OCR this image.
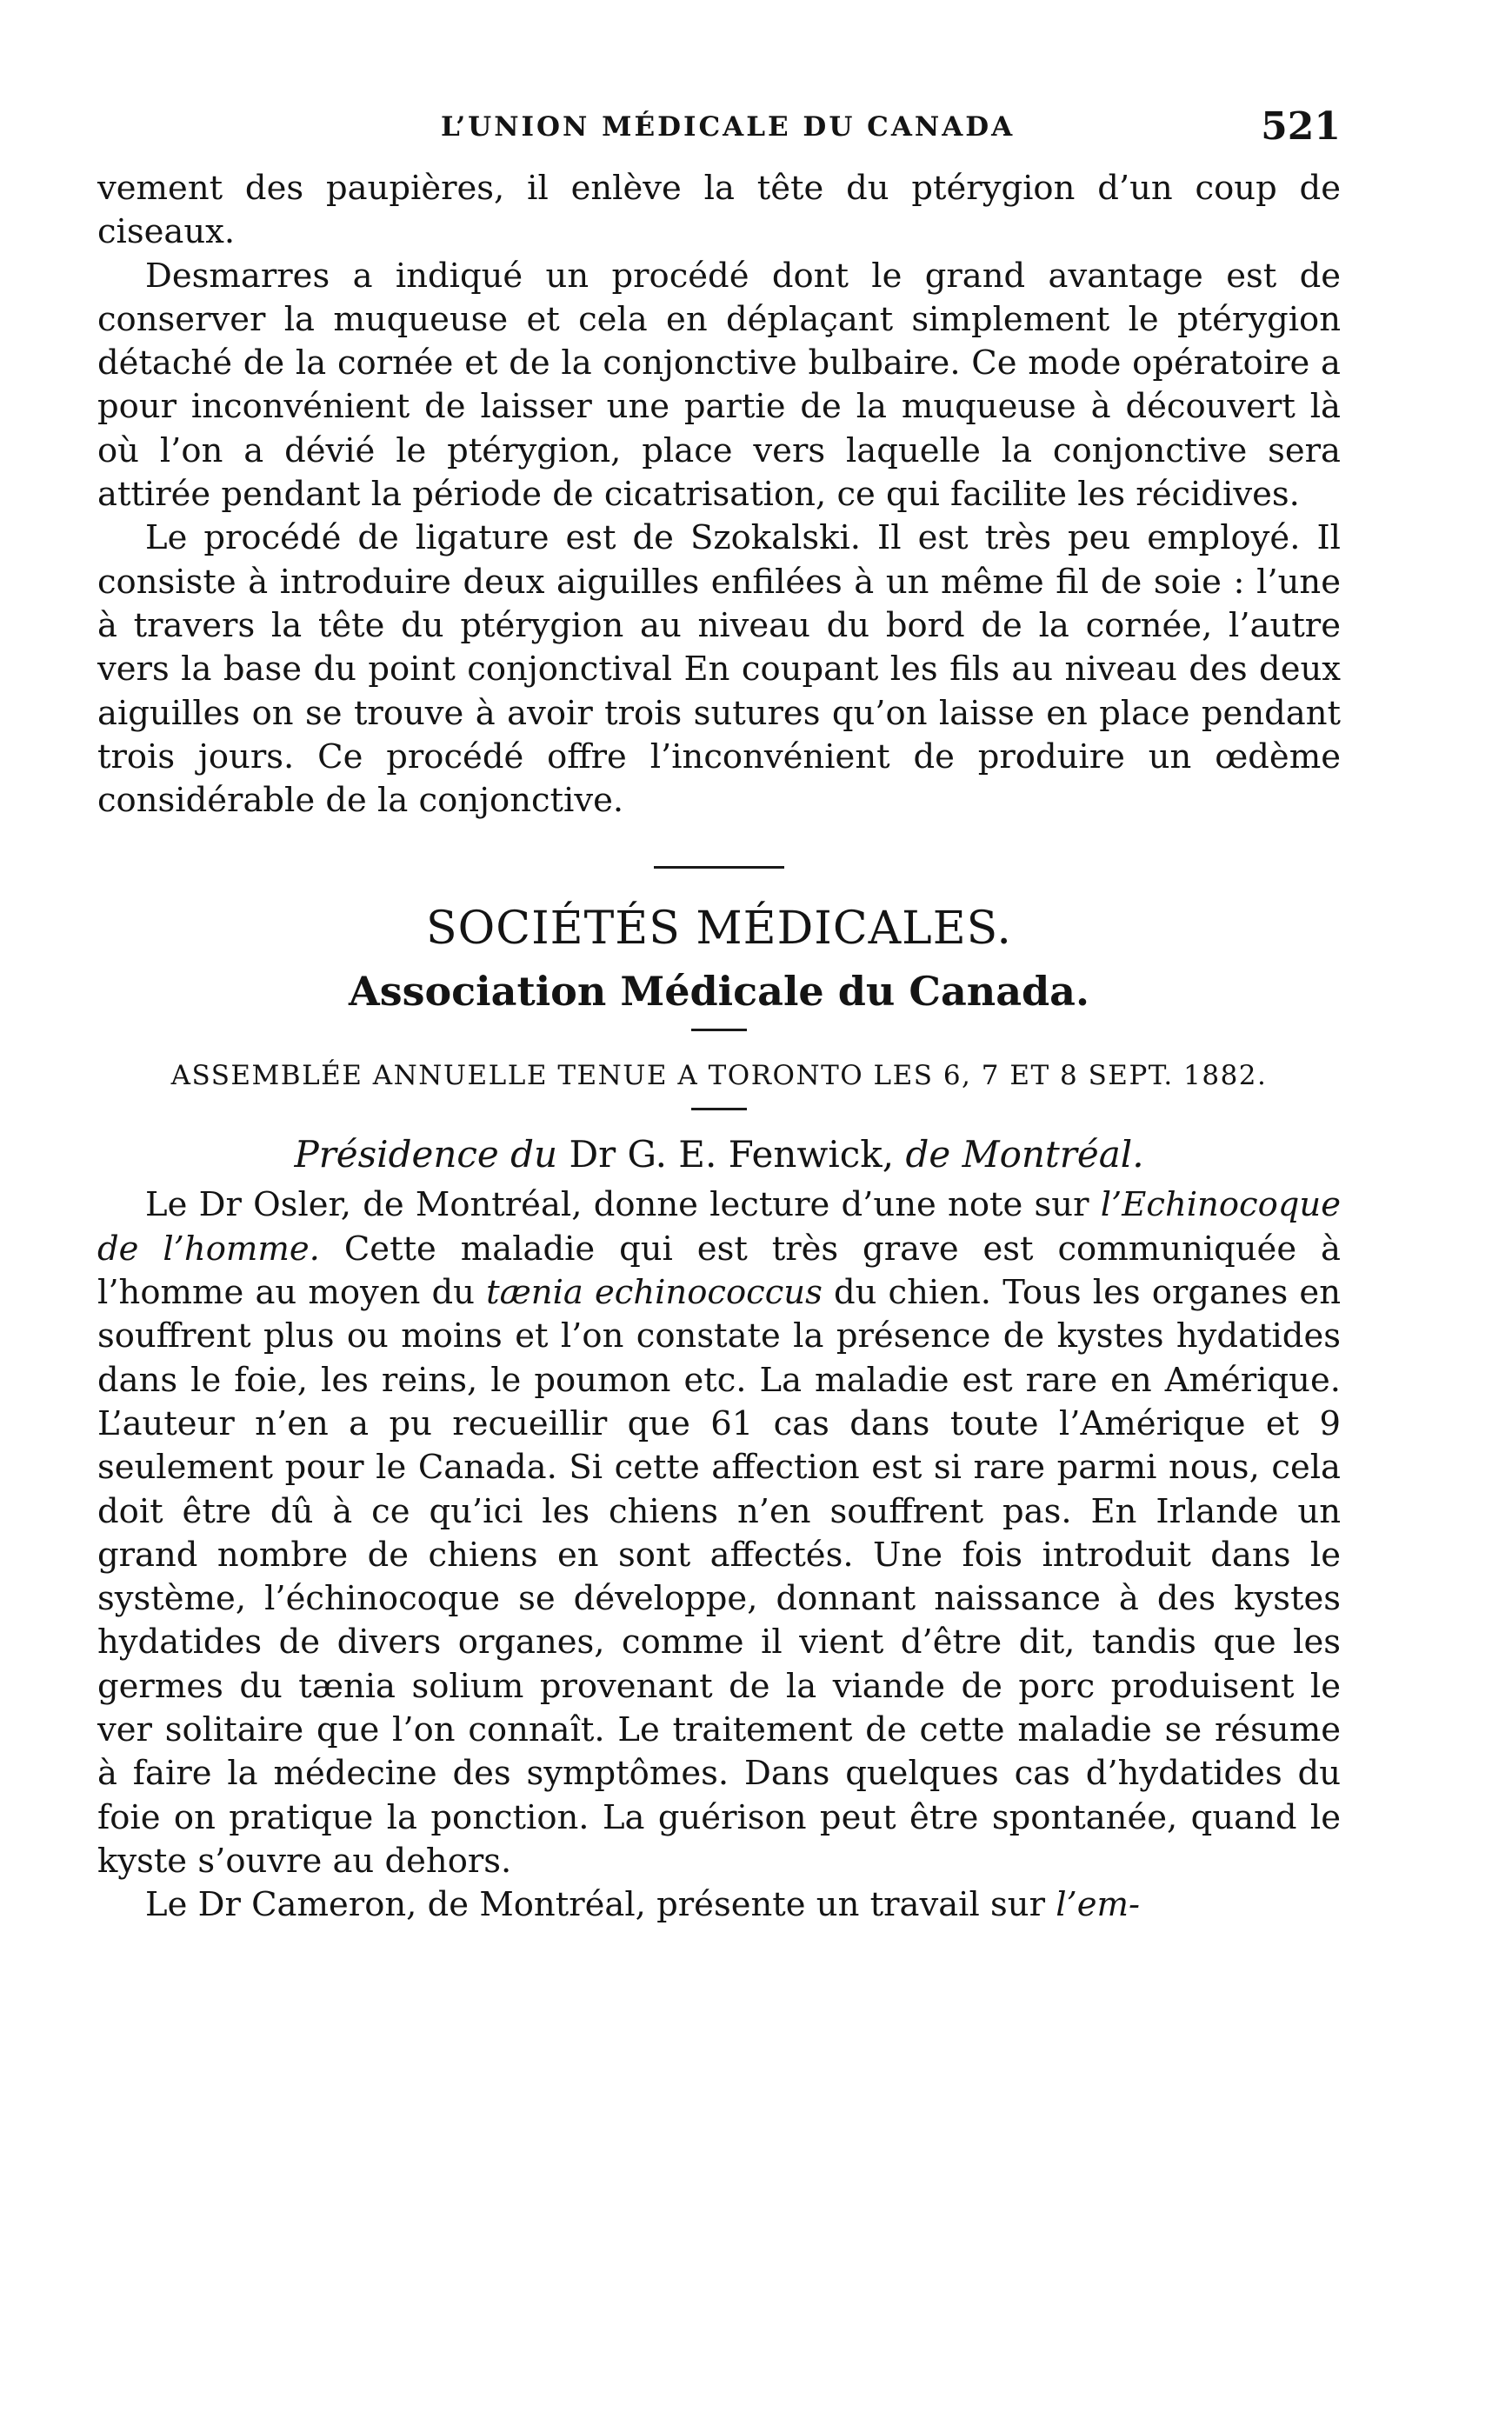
L’UNION MÉDICALE DU CANADA	521

vement des paupières, il enlève la tête du ptérygion d’un coup de ciseaux.

Desmarres a indiqué un procédé dont le grand avantage est de conserver la muqueuse et cela en déplaçant simplement le ptérygion détaché de la cornée et de la conjonctive bulbaire. Ce mode opératoire a pour inconvénient de laisser une partie de la muqueuse à découvert là où l’on a dévié le ptérygion, place vers laquelle la conjonctive sera attirée pendant la période de cicatrisation, ce qui facilite les récidives.

Le procédé de ligature est de Szokalski. Il est très peu employé. Il consiste à introduire deux aiguilles enfilées à un même fil de soie : l’une à travers la tête du ptérygion au niveau du bord de la cornée, l’autre vers la base du point conjonctival En coupant les fils au niveau des deux aiguilles on se trouve à avoir trois sutures qu’on laisse en place pendant trois jours. Ce procédé offre l’inconvénient de produire un œdème considérable de la conjonctive.

SOCIÉTÉS MÉDICALES.
Association Médicale du Canada.
ASSEMBLÉE ANNUELLE TENUE A TORONTO LES 6, 7 ET 8 SEPT. 1882.
Présidence du Dr G. E. Fenwick, de Montréal.

Le Dr Osler, de Montréal, donne lecture d’une note sur l’Echinocoque de l’homme. Cette maladie qui est très grave est communiquée à l’homme au moyen du tænia echinococcus du chien. Tous les organes en souffrent plus ou moins et l’on constate la présence de kystes hydatides dans le foie, les reins, le poumon etc. La maladie est rare en Amérique. L’auteur n’en a pu recueillir que 61 cas dans toute l’Amérique et 9 seulement pour le Canada. Si cette affection est si rare parmi nous, cela doit être dû à ce qu’ici les chiens n’en souffrent pas. En Irlande un grand nombre de chiens en sont affectés. Une fois introduit dans le système, l’échinocoque se développe, donnant naissance à des kystes hydatides de divers organes, comme il vient d’être dit, tandis que les germes du tænia solium provenant de la viande de porc produisent le ver solitaire que l’on connaît. Le traitement de cette maladie se résume à faire la médecine des symptômes. Dans quelques cas d’hydatides du foie on pratique la ponction. La guérison peut être spontanée, quand le kyste s’ouvre au dehors.

Le Dr Cameron, de Montréal, présente un travail sur l’em-
